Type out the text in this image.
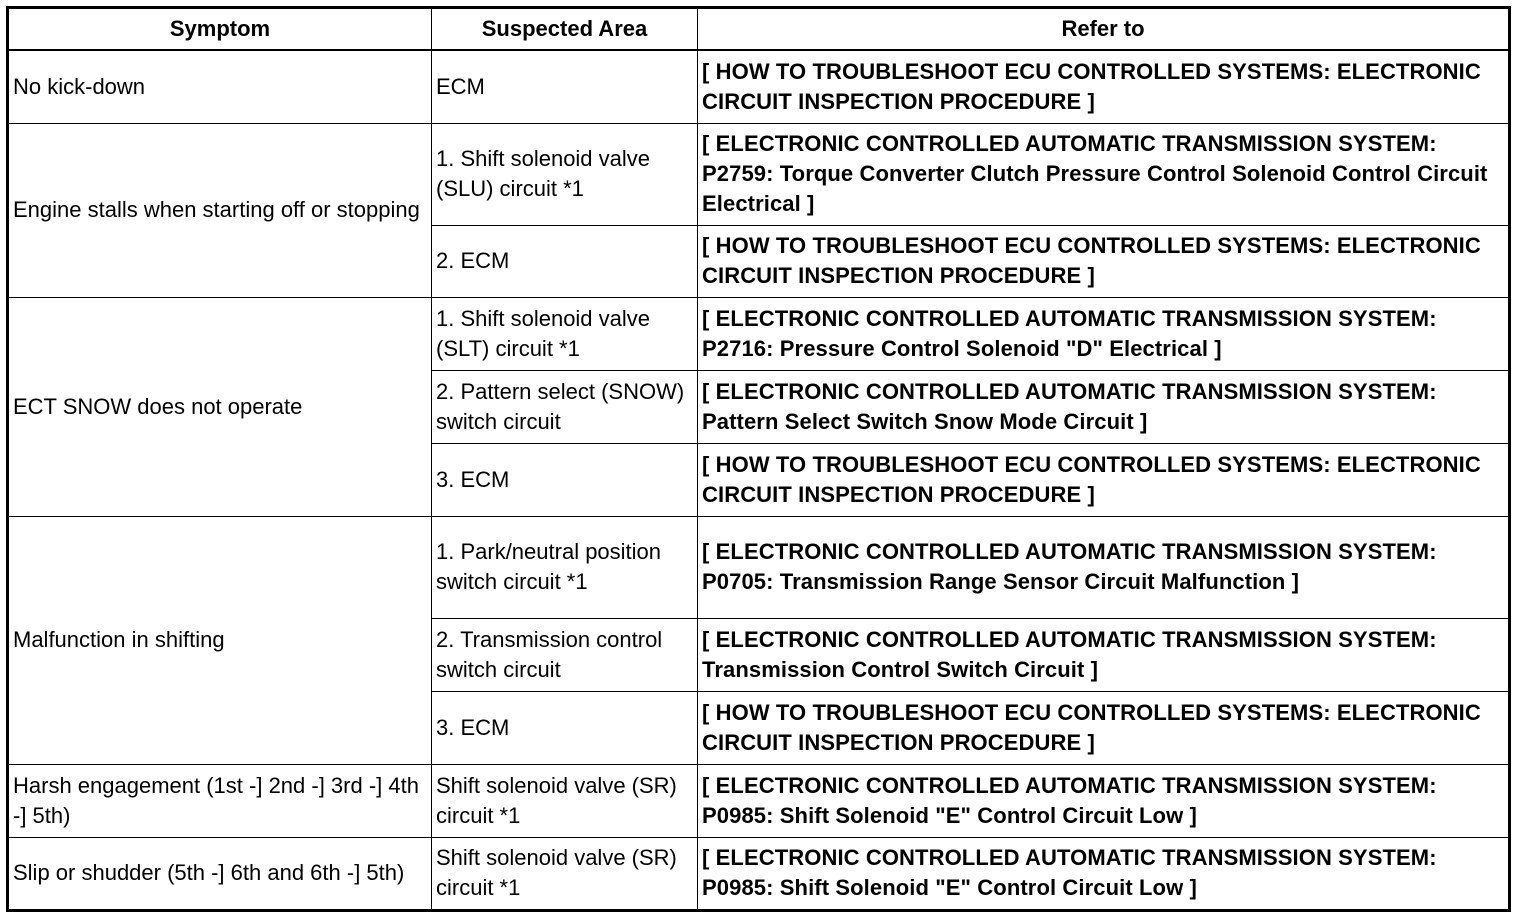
Symptom	Suspected Area	Refer to
No kick-down	ECM	[ HOW TO TROUBLESHOOT ECU CONTROLLED SYSTEMS: ELECTRONIC CIRCUIT INSPECTION PROCEDURE ]
Engine stalls when starting off or stopping	1. Shift solenoid valve (SLU) circuit *1	[ ELECTRONIC CONTROLLED AUTOMATIC TRANSMISSION SYSTEM: P2759: Torque Converter Clutch Pressure Control Solenoid Control Circuit Electrical ]
	2. ECM	[ HOW TO TROUBLESHOOT ECU CONTROLLED SYSTEMS: ELECTRONIC CIRCUIT INSPECTION PROCEDURE ]
ECT SNOW does not operate	1. Shift solenoid valve (SLT) circuit *1	[ ELECTRONIC CONTROLLED AUTOMATIC TRANSMISSION SYSTEM: P2716: Pressure Control Solenoid "D" Electrical ]
	2. Pattern select (SNOW) switch circuit	[ ELECTRONIC CONTROLLED AUTOMATIC TRANSMISSION SYSTEM: Pattern Select Switch Snow Mode Circuit ]
	3. ECM	[ HOW TO TROUBLESHOOT ECU CONTROLLED SYSTEMS: ELECTRONIC CIRCUIT INSPECTION PROCEDURE ]
Malfunction in shifting	1. Park/neutral position switch circuit *1	[ ELECTRONIC CONTROLLED AUTOMATIC TRANSMISSION SYSTEM: P0705: Transmission Range Sensor Circuit Malfunction ]
	2. Transmission control switch circuit	[ ELECTRONIC CONTROLLED AUTOMATIC TRANSMISSION SYSTEM: Transmission Control Switch Circuit ]
	3. ECM	[ HOW TO TROUBLESHOOT ECU CONTROLLED SYSTEMS: ELECTRONIC CIRCUIT INSPECTION PROCEDURE ]
Harsh engagement (1st -] 2nd -] 3rd -] 4th -] 5th)	Shift solenoid valve (SR) circuit *1	[ ELECTRONIC CONTROLLED AUTOMATIC TRANSMISSION SYSTEM: P0985: Shift Solenoid "E" Control Circuit Low ]
Slip or shudder (5th -] 6th and 6th -] 5th)	Shift solenoid valve (SR) circuit *1	[ ELECTRONIC CONTROLLED AUTOMATIC TRANSMISSION SYSTEM: P0985: Shift Solenoid "E" Control Circuit Low ]
